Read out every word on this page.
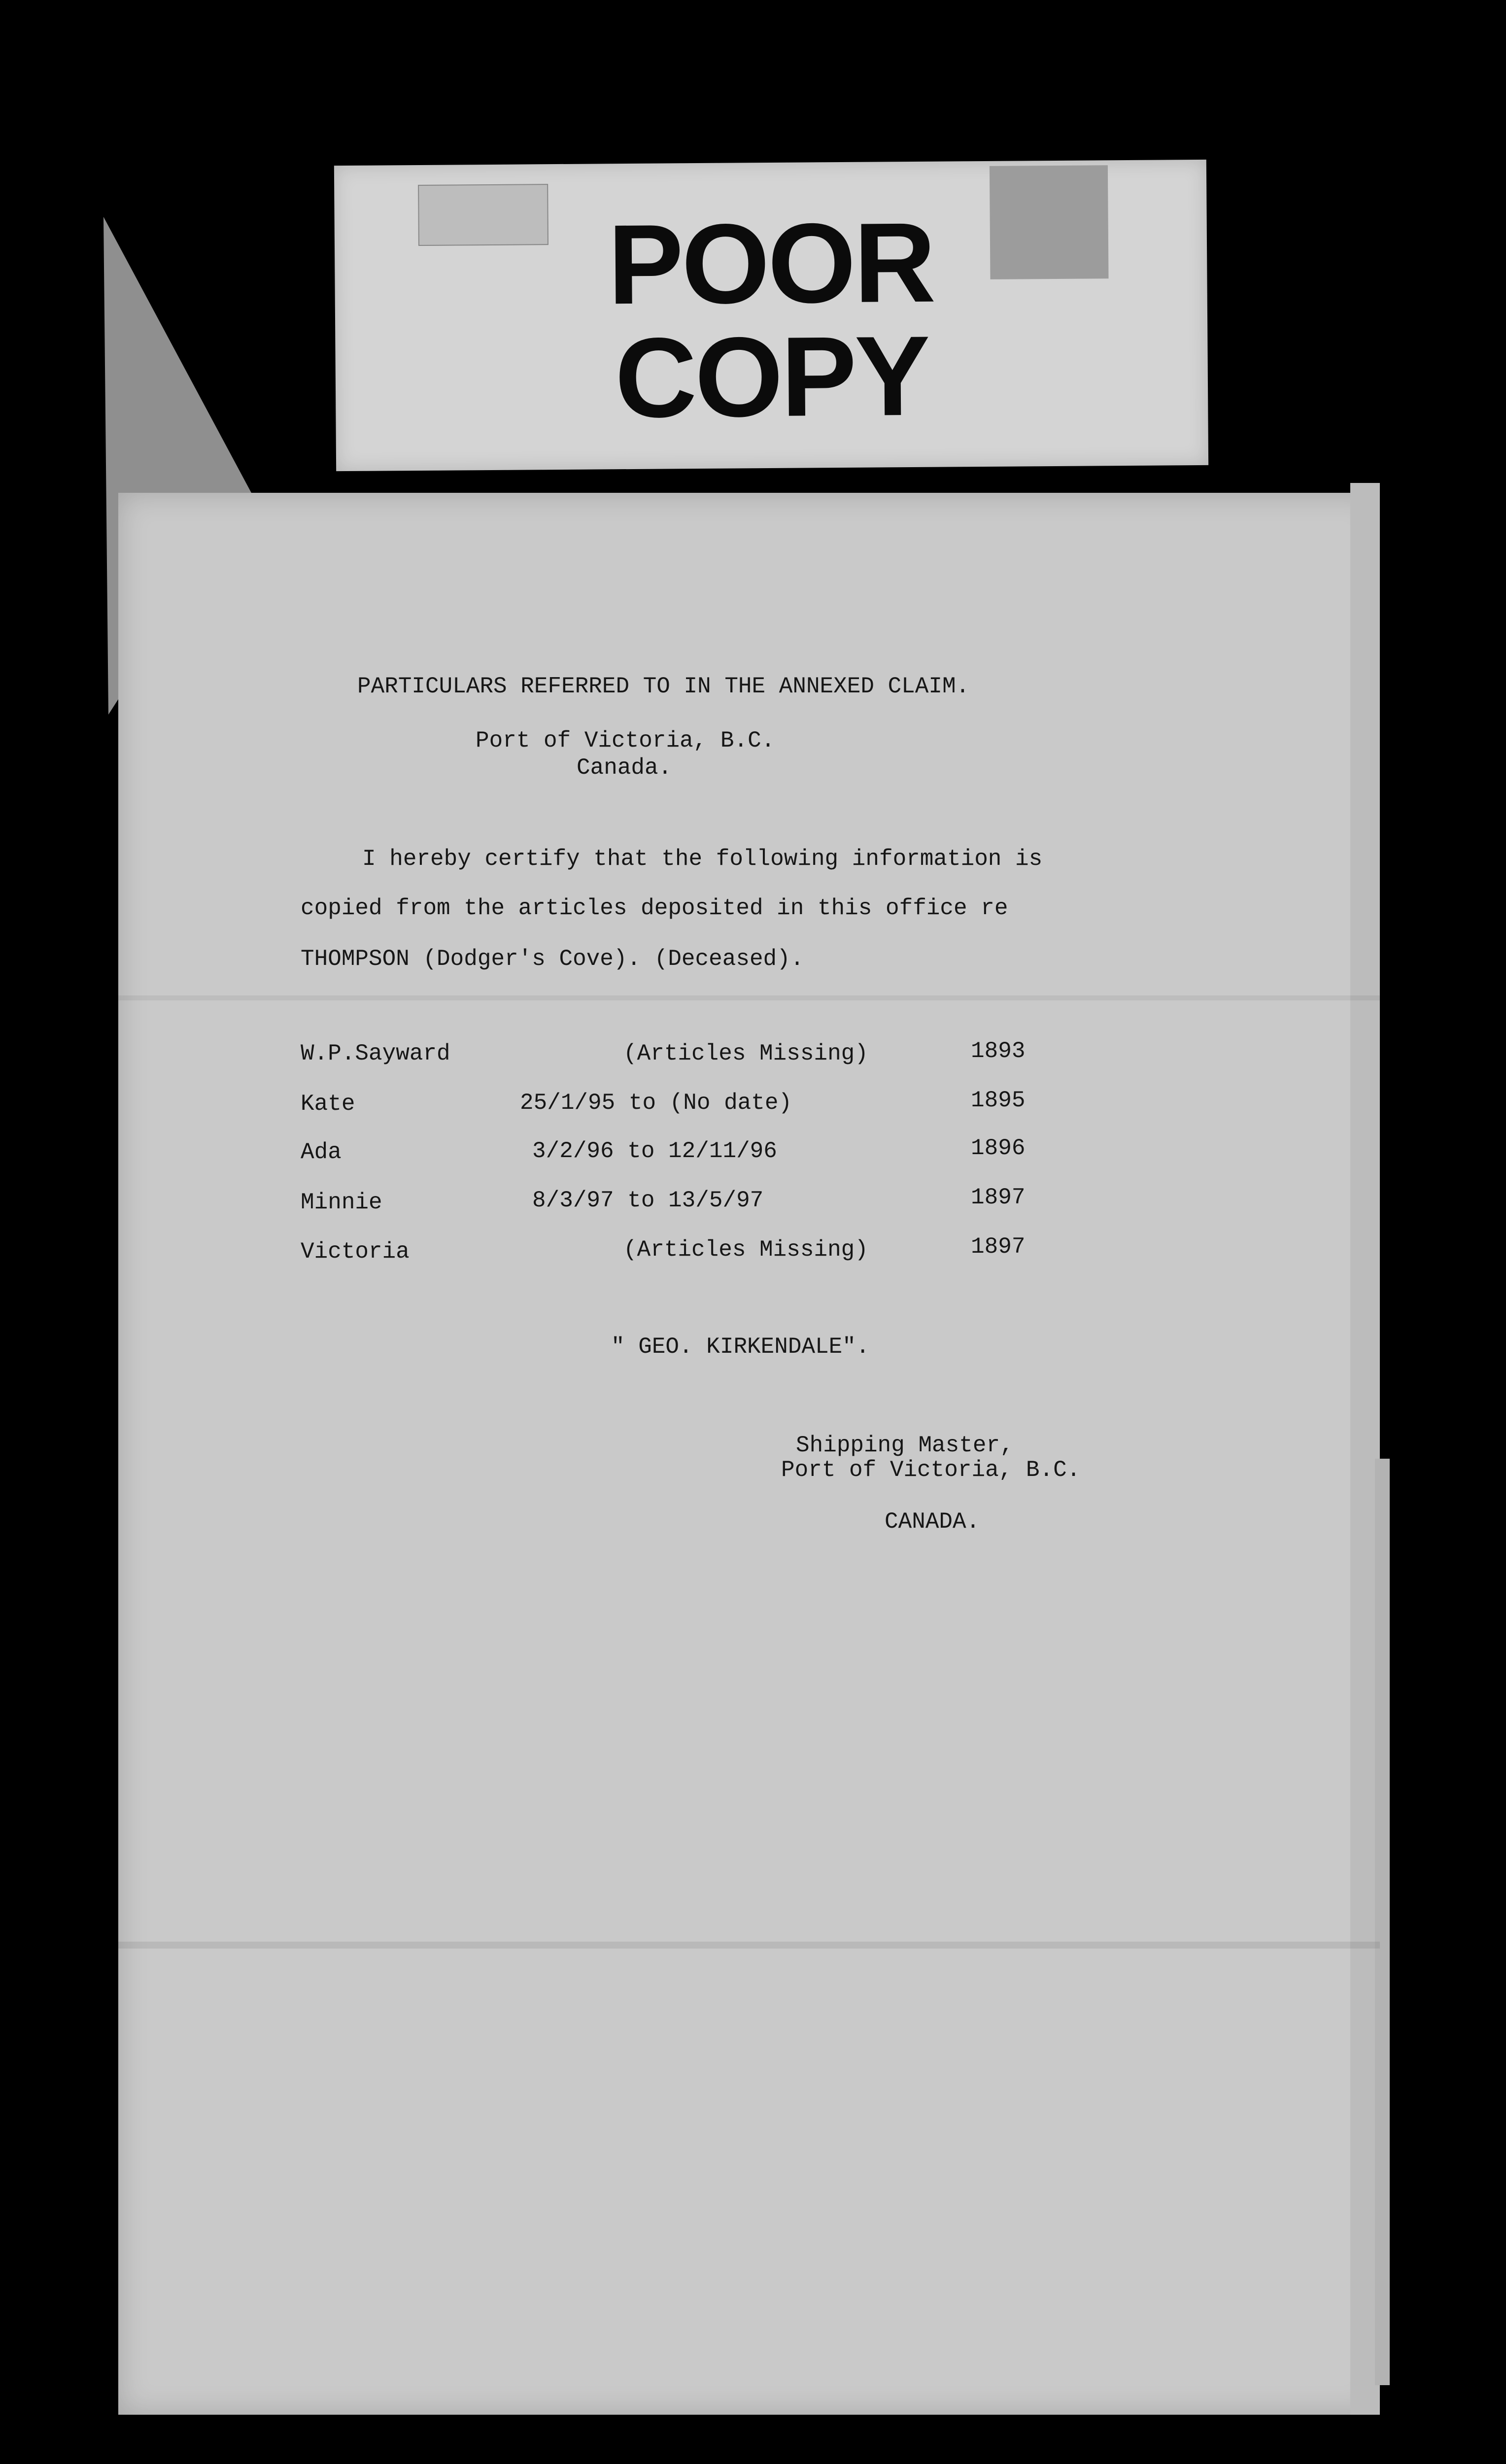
POOR
COPY
PARTICULARS REFERRED TO IN THE ANNEXED CLAIM.
Port of Victoria, B.C.
Canada.
I hereby certify that the following information is
copied from the articles deposited in this office re
THOMPSON (Dodger's Cove). (Deceased).
W.P.Sayward	(Articles Missing)	1893
Kate	25/1/95 to (No date)	1895
Ada	3/2/96 to 12/11/96	1896
Minnie	8/3/97 to 13/5/97	1897
Victoria	(Articles Missing)	1897
" GEO. KIRKENDALE".
Shipping Master,
Port of Victoria, B.C.
CANADA.
